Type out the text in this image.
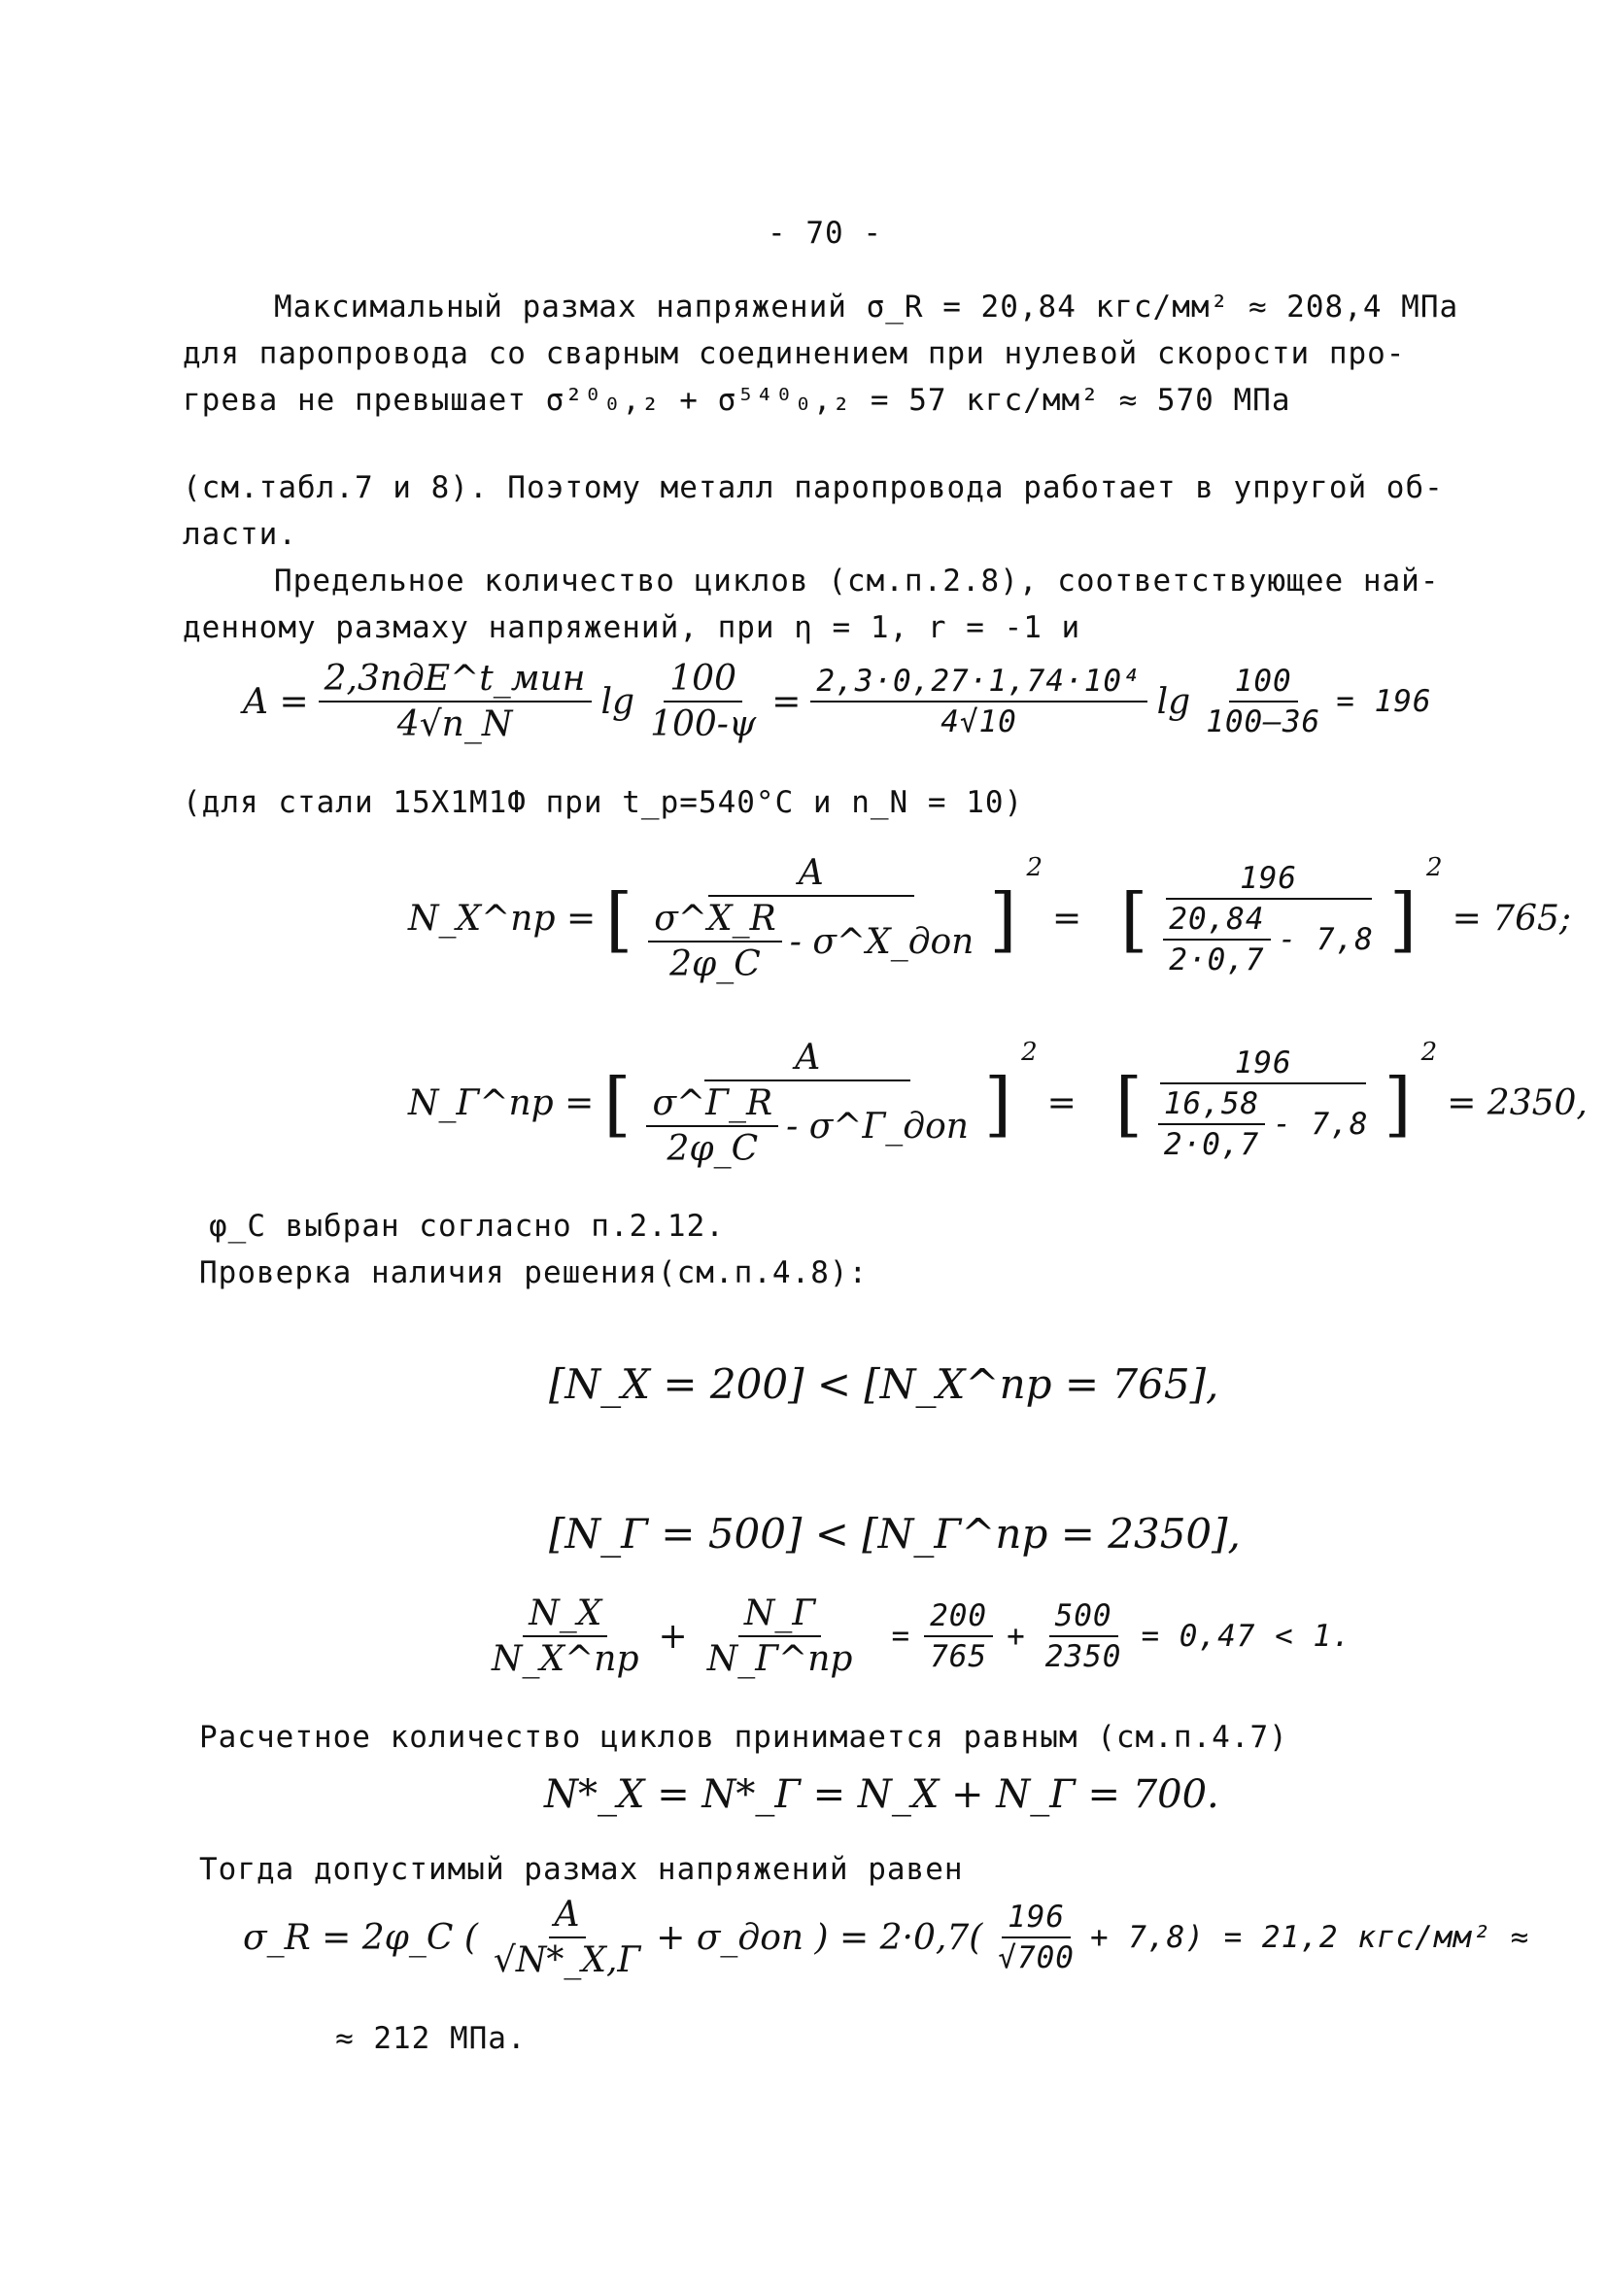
- 70 -
Максимальный размах напряжений σ_R = 20,84 кгс/мм² ≈ 208,4 МПа
для паропровода со сварным соединением при нулевой скорости про-
грева не превышает σ²⁰₀,₂ + σ⁵⁴⁰₀,₂ = 57 кгс/мм² ≈ 570 МПа
(см.табл.7 и 8). Поэтому металл паропровода работает в упругой об-
ласти.
Предельное количество циклов (см.п.2.8), соответствующее най-
денному размаху напряжений, при η = 1, r = -1 и
$A = \frac{\text{2,3nдE\textasciicircum{}t\_мин}}{4√n\_N}$ $\lg \frac{100}{100-\psi} = \frac{\text{2,3·0,27·1,74·10⁴}}{4√10}$ $\lg \frac{100}{100-36} = 196$
(для стали 15Х1М1Ф при t_p=540°C и n_N = 10)
N_X^пр = [ $\frac{A}{\frac{\sigma\^{}X\_R}{2\varphi\_C} - \sigma\^{}X\_доп}$ ]
2
= [ $\frac{196}{\frac{20,84}{2\cdot 0,7} - 7,8}$ ]
2
= 765;
N_Г^пр = [ $\frac{A}{\frac{\sigma\^{}Г\_R}{2\varphi\_C} - \sigma\^{}Г\_доп}$ ]
2
= [ $\frac{196}{\frac{16,58}{2\cdot 0,7} - 7,8}$ ]
2
= 2350,
φ_C выбран согласно п.2.12.
Проверка наличия решения(см.п.4.8):
[N_X = 200] < [N_X^пр = 765],
[N_Г = 500] < [N_Г^пр = 2350],
$\frac{N\_X}{N\_X\^{}пр} + \frac{N\_Г}{N\_Г\^{}пр} = \frac{200}{765} + \frac{500}{2350} = 0,47 < 1$.
Расчетное количество циклов принимается равным (см.п.4.7)
N*_X = N*_Г = N_X + N_Г = 700.
Тогда допустимый размах напряжений равен
σ_R = 2φ_C ( $\frac{A}{√N*\_X,Г}$ + σ_доп ) = $2\cdot 0,7( \frac{196}{√700} + 7,8) = 21,2$ кгс/мм² ≈
≈ 212 МПа.
